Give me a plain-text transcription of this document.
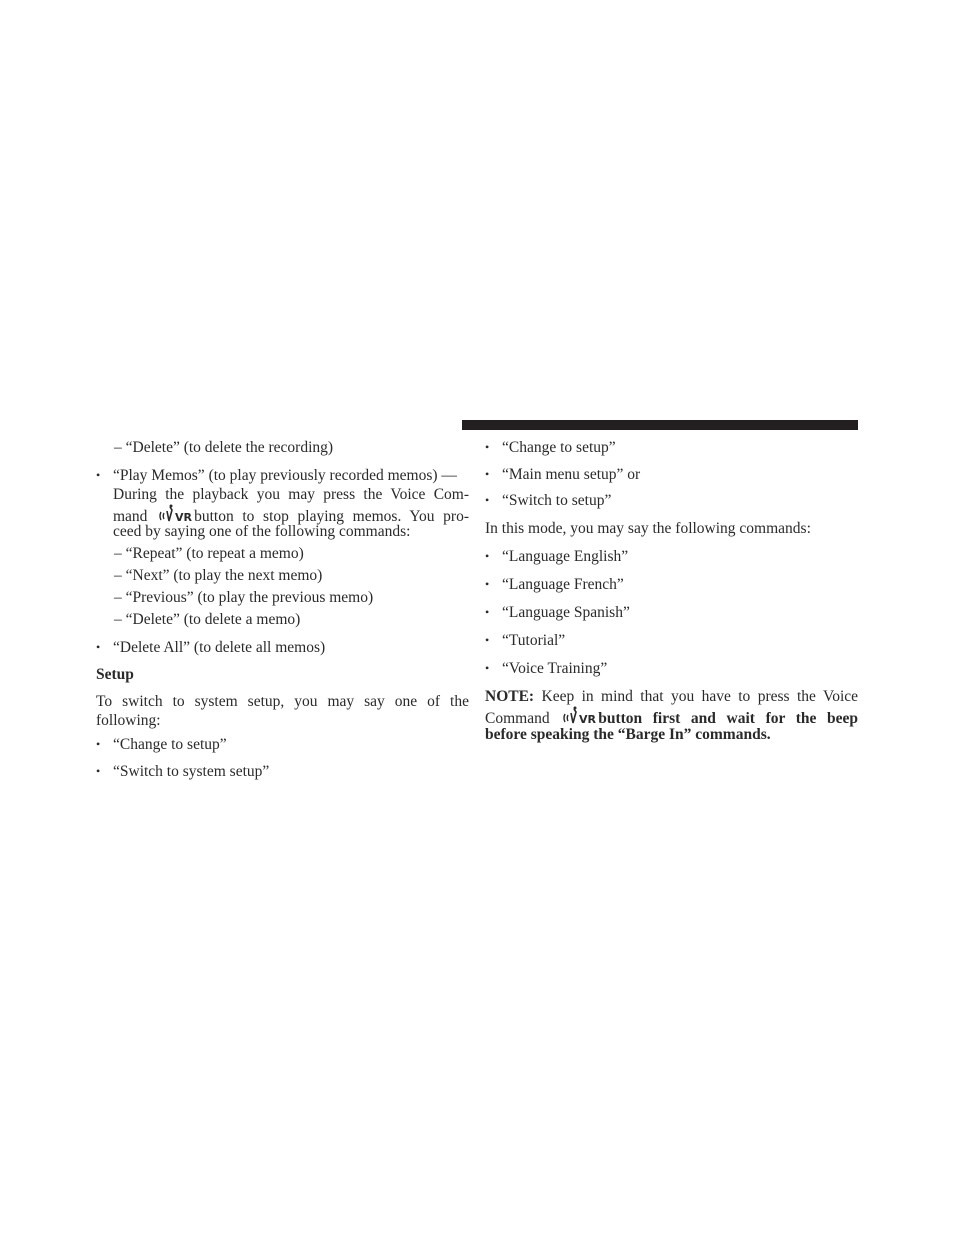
– “Delete” (to delete the recording)
• “Play Memos” (to play previously recorded memos) —
During the playback you may press the Voice Com-
mand	VR button to stop playing memos. You pro-
ceed by saying one of the following commands:
– “Repeat” (to repeat a memo)
– “Next” (to play the next memo)
– “Previous” (to play the previous memo)
– “Delete” (to delete a memo)
• “Delete All” (to delete all memos)
Setup
To switch to system setup, you may say one of the
following:
• “Change to setup”
• “Switch to system setup”
• “Change to setup”
• “Main menu setup” or
• “Switch to setup”
In this mode, you may say the following commands:
• “Language English”
• “Language French”
• “Language Spanish”
• “Tutorial”
• “Voice Training”
NOTE: Keep in mind that you have to press the Voice
Command	VR button first and wait for the beep
before speaking the “Barge In” commands.
